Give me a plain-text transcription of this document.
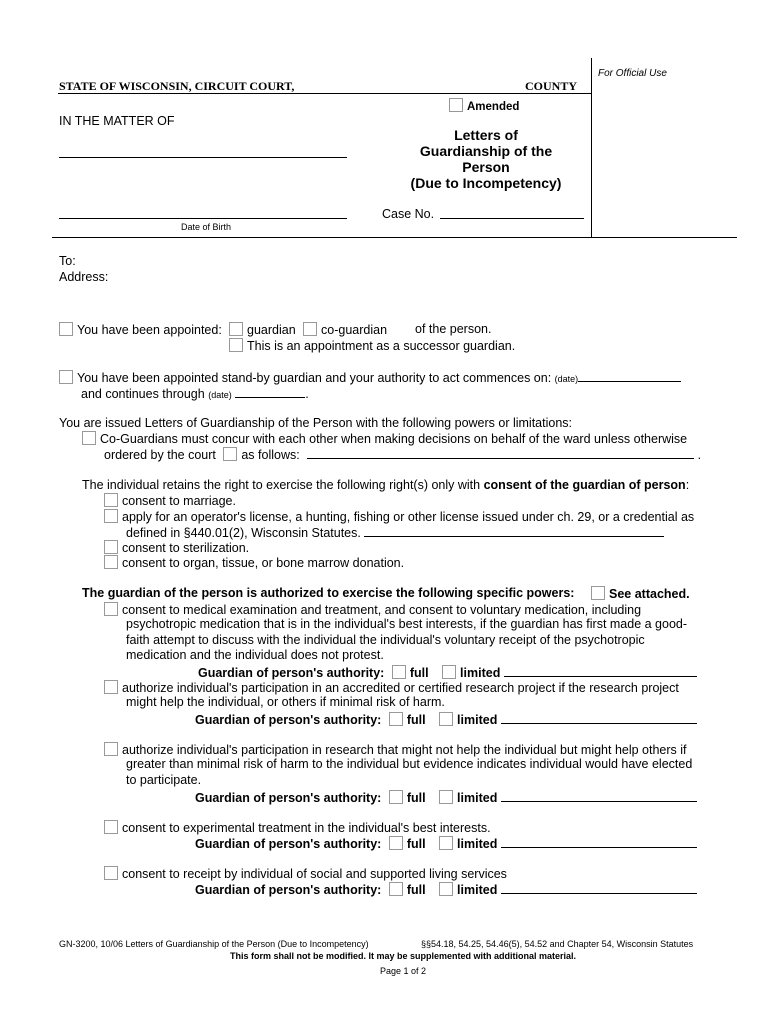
For Official Use
STATE OF WISCONSIN, CIRCUIT COURT,	COUNTY
Amended
IN THE MATTER OF
Date of Birth
Letters of
Guardianship of the
Person
(Due to Incompetency)
Case No.
To:
Address:
You have been appointed:	guardian	co-guardian of the person.
This is an appointment as a successor guardian.
You have been appointed stand-by guardian and your authority to act commences on: (date)
and continues through (date)	.
You are issued Letters of Guardianship of the Person with the following powers or limitations:
Co-Guardians must concur with each other when making decisions on behalf of the ward unless otherwise
ordered by the court as follows:	.
The individual retains the right to exercise the following right(s) only with consent of the guardian of person:
consent to marriage.
apply for an operator's license, a hunting, fishing or other license issued under ch. 29, or a credential as
defined in §440.01(2), Wisconsin Statutes.
consent to sterilization.
consent to organ, tissue, or bone marrow donation.
The guardian of the person is authorized to exercise the following specific powers:	See attached.
consent to medical examination and treatment, and consent to voluntary medication, including
psychotropic medication that is in the individual's best interests, if the guardian has first made a good-
faith attempt to discuss with the individual the individual's voluntary receipt of the psychotropic
medication and the individual does not protest.
Guardian of person's authority: full	limited
authorize individual's participation in an accredited or certified research project if the research project
might help the individual, or others if minimal risk of harm.
Guardian of person's authority: full	limited
authorize individual's participation in research that might not help the individual but might help others if
greater than minimal risk of harm to the individual but evidence indicates individual would have elected
to participate.
Guardian of person's authority: full	limited
consent to experimental treatment in the individual's best interests.
Guardian of person's authority: full	limited
consent to receipt by individual of social and supported living services
Guardian of person's authority: full	limited
GN-3200, 10/06 Letters of Guardianship of the Person (Due to Incompetency)	§§54.18, 54.25, 54.46(5), 54.52 and Chapter 54, Wisconsin Statutes
This form shall not be modified. It may be supplemented with additional material.
Page 1 of 2
